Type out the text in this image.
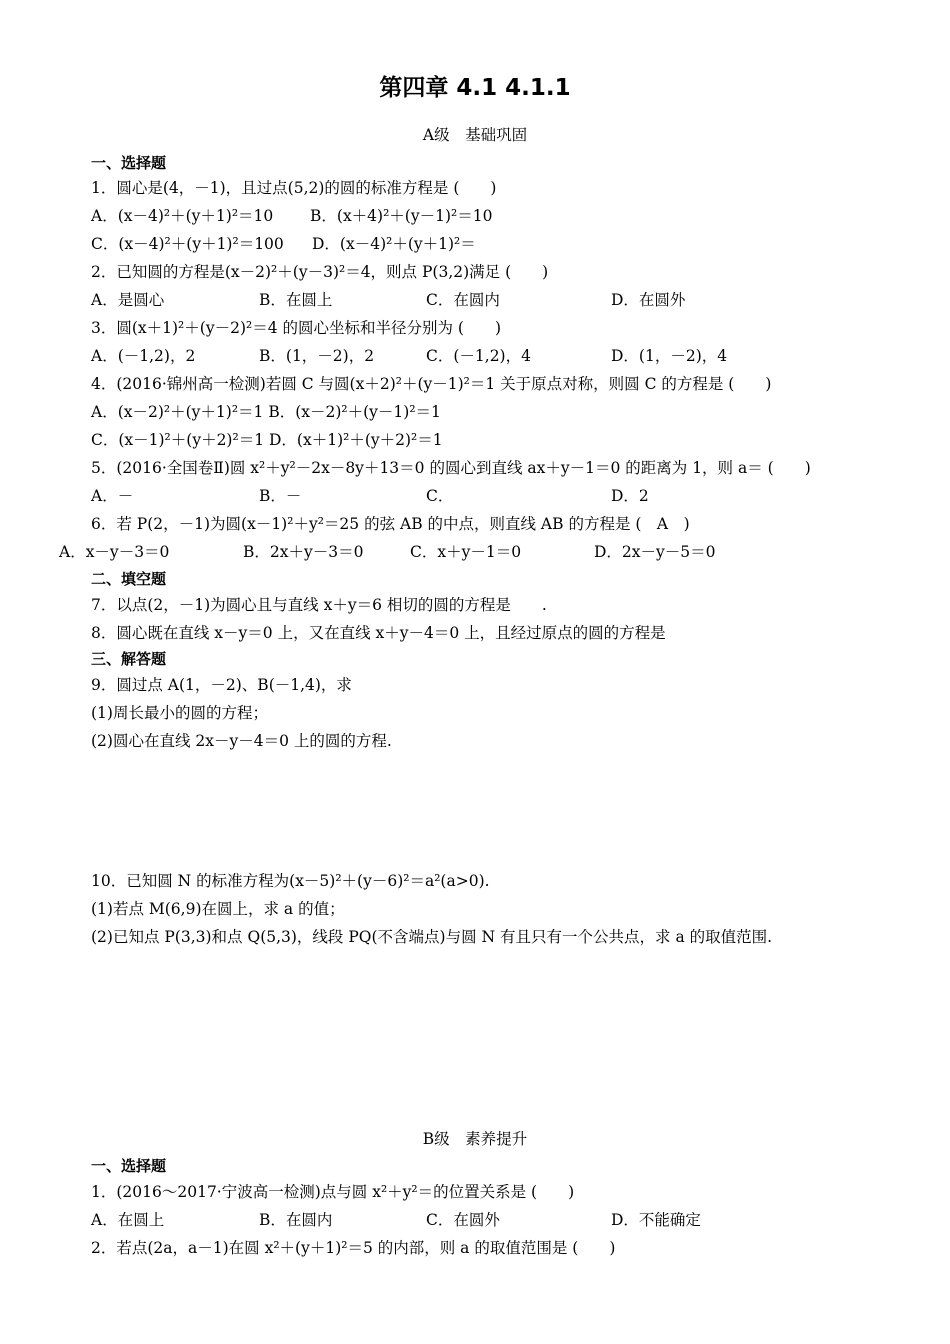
第四章 4.1 4.1.1
A级　基础巩固
一、选择题
1．圆心是(4，－1)，且过点(5,2)的圆的标准方程是 (　　)
A．(x－4)²＋(y＋1)²＝10 B．(x＋4)²＋(y－1)²＝10
C．(x－4)²＋(y＋1)²＝100 D．(x－4)²＋(y＋1)²＝
2．已知圆的方程是(x－2)²＋(y－3)²＝4，则点 P(3,2)满足 (　　)
A．是圆心	B．在圆上	C．在圆内	D．在圆外
3．圆(x＋1)²＋(y－2)²＝4 的圆心坐标和半径分别为 (　　)
A．(－1,2)，2	B．(1，－2)，2	C．(－1,2)，4	D．(1，－2)，4
4．(2016·锦州高一检测)若圆 C 与圆(x＋2)²＋(y－1)²＝1 关于原点对称，则圆 C 的方程是 (　　)
A．(x－2)²＋(y＋1)²＝1 B．(x－2)²＋(y－1)²＝1
C．(x－1)²＋(y＋2)²＝1 D．(x＋1)²＋(y＋2)²＝1
5．(2016·全国卷Ⅱ)圆 x²＋y²－2x－8y＋13＝0 的圆心到直线 ax＋y－1＝0 的距离为 1，则 a＝ (　　)
A．－	B．－	C．	D．2
6．若 P(2，－1)为圆(x－1)²＋y²＝25 的弦 AB 的中点，则直线 AB 的方程是 (　A　)
A．x－y－3＝0	B．2x＋y－3＝0	C．x＋y－1＝0	D．2x－y－5＝0
二、填空题
7．以点(2，－1)为圆心且与直线 x＋y＝6 相切的圆的方程是　　.
8．圆心既在直线 x－y＝0 上，又在直线 x＋y－4＝0 上，且经过原点的圆的方程是
三、解答题
9．圆过点 A(1，－2)、B(－1,4)，求
(1)周长最小的圆的方程；
(2)圆心在直线 2x－y－4＝0 上的圆的方程.
10．已知圆 N 的标准方程为(x－5)²＋(y－6)²＝a²(a>0).
(1)若点 M(6,9)在圆上，求 a 的值；
(2)已知点 P(3,3)和点 Q(5,3)，线段 PQ(不含端点)与圆 N 有且只有一个公共点，求 a 的取值范围.
B级　素养提升
一、选择题
1．(2016～2017·宁波高一检测)点与圆 x²＋y²＝的位置关系是 (　　)
A．在圆上	B．在圆内	C．在圆外	D．不能确定
2．若点(2a，a－1)在圆 x²＋(y＋1)²＝5 的内部，则 a 的取值范围是 (　　)
